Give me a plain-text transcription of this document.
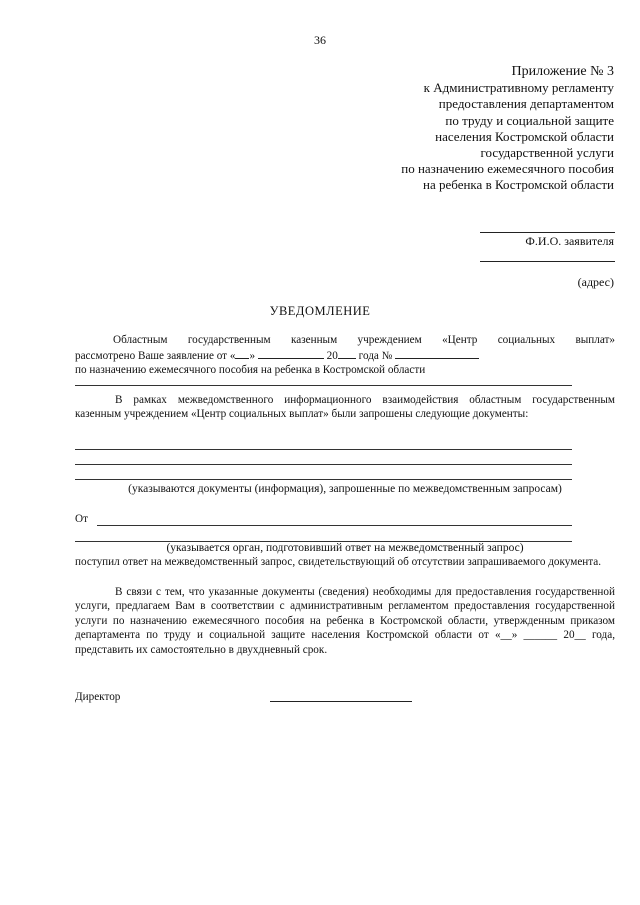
36
Приложение № 3
к Административному регламенту
предоставления департаментом
по труду и социальной защите
населения Костромской области
государственной услуги
по назначению ежемесячного пособия
на ребенка в Костромской области
Ф.И.О. заявителя
(адрес)
УВЕДОМЛЕНИЕ
Областным государственным казенным учреждением «Центр социальных выплат»
рассмотрено Ваше заявление от « »	20 года №
по назначению ежемесячного пособия на ребенка в Костромской области
В рамках межведомственного информационного взаимодействия областным государственным казенным учреждением «Центр социальных выплат» были запрошены следующие документы:
(указываются документы (информация), запрошенные по межведомственным запросам)
От
(указывается орган, подготовивший ответ на межведомственный запрос)
поступил ответ на межведомственный запрос, свидетельствующий об отсутствии запрашиваемого документа.
В связи с тем, что указанные документы (сведения) необходимы для предоставления государственной услуги, предлагаем Вам в соответствии с административным регламентом предоставления государственной услуги по назначению ежемесячного пособия на ребенка в Костромской области, утвержденным приказом департамента по труду и социальной защите населения Костромской области от «__» ______ 20__ года, представить их самостоятельно в двухдневный срок.
Директор
